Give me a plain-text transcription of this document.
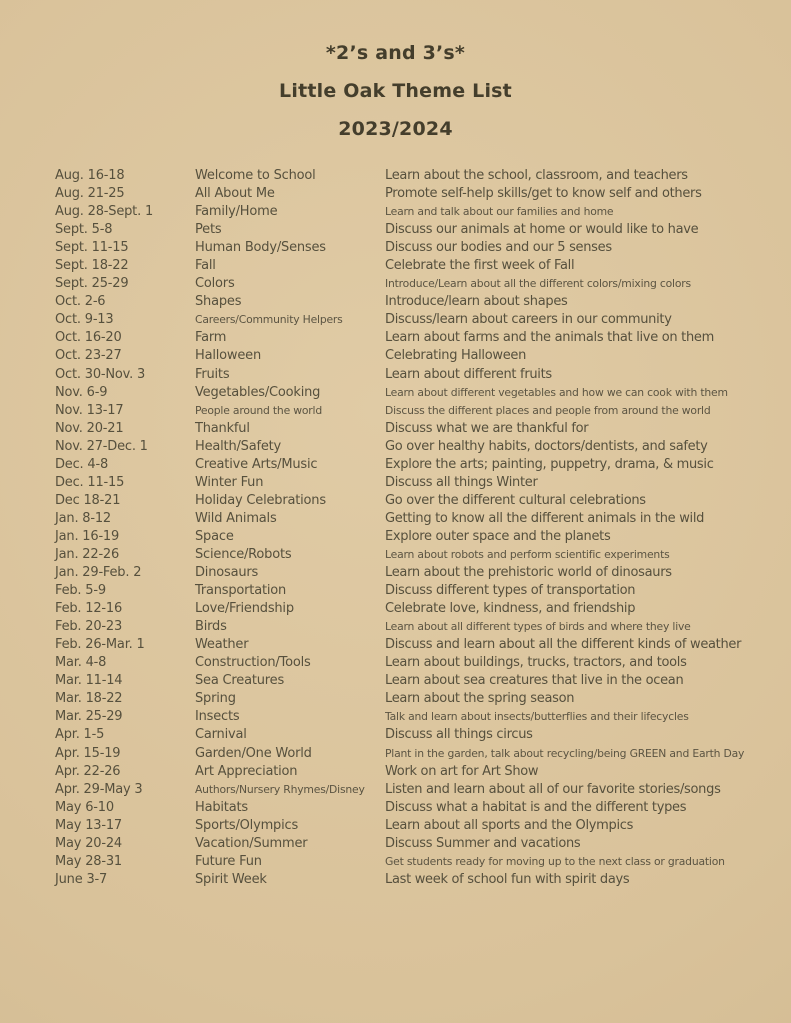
*2’s and 3’s*
Little Oak Theme List
2023/2024
Aug. 16-18	Welcome to School	Learn about the school, classroom, and teachers
Aug. 21-25	All About Me	Promote self-help skills/get to know self and others
Aug. 28-Sept. 1	Family/Home	Learn and talk about our families and home
Sept. 5-8	Pets	Discuss our animals at home or would like to have
Sept. 11-15	Human Body/Senses	Discuss our bodies and our 5 senses
Sept. 18-22	Fall	Celebrate the first week of Fall
Sept. 25-29	Colors	Introduce/Learn about all the different colors/mixing colors
Oct. 2-6	Shapes	Introduce/learn about shapes
Oct. 9-13	Careers/Community Helpers	Discuss/learn about careers in our community
Oct. 16-20	Farm	Learn about farms and the animals that live on them
Oct. 23-27	Halloween	Celebrating Halloween
Oct. 30-Nov. 3	Fruits	Learn about different fruits
Nov. 6-9	Vegetables/Cooking	Learn about different vegetables and how we can cook with them
Nov. 13-17	People around the world	Discuss the different places and people from around the world
Nov. 20-21	Thankful	Discuss what we are thankful for
Nov. 27-Dec. 1	Health/Safety	Go over healthy habits, doctors/dentists, and safety
Dec. 4-8	Creative Arts/Music	Explore the arts; painting, puppetry, drama, & music
Dec. 11-15	Winter Fun	Discuss all things Winter
Dec 18-21	Holiday Celebrations	Go over the different cultural celebrations
Jan. 8-12	Wild Animals	Getting to know all the different animals in the wild
Jan. 16-19	Space	Explore outer space and the planets
Jan. 22-26	Science/Robots	Learn about robots and perform scientific experiments
Jan. 29-Feb. 2	Dinosaurs	Learn about the prehistoric world of dinosaurs
Feb. 5-9	Transportation	Discuss different types of transportation
Feb. 12-16	Love/Friendship	Celebrate love, kindness, and friendship
Feb. 20-23	Birds	Learn about all different types of birds and where they live
Feb. 26-Mar. 1	Weather	Discuss and learn about all the different kinds of weather
Mar. 4-8	Construction/Tools	Learn about buildings, trucks, tractors, and tools
Mar. 11-14	Sea Creatures	Learn about sea creatures that live in the ocean
Mar. 18-22	Spring	Learn about the spring season
Mar. 25-29	Insects	Talk and learn about insects/butterflies and their lifecycles
Apr. 1-5	Carnival	Discuss all things circus
Apr. 15-19	Garden/One World	Plant in the garden, talk about recycling/being GREEN and Earth Day
Apr. 22-26	Art Appreciation	Work on art for Art Show
Apr. 29-May 3	Authors/Nursery Rhymes/Disney	Listen and learn about all of our favorite stories/songs
May 6-10	Habitats	Discuss what a habitat is and the different types
May 13-17	Sports/Olympics	Learn about all sports and the Olympics
May 20-24	Vacation/Summer	Discuss Summer and vacations
May 28-31	Future Fun	Get students ready for moving up to the next class or graduation
June 3-7	Spirit Week	Last week of school fun with spirit days
